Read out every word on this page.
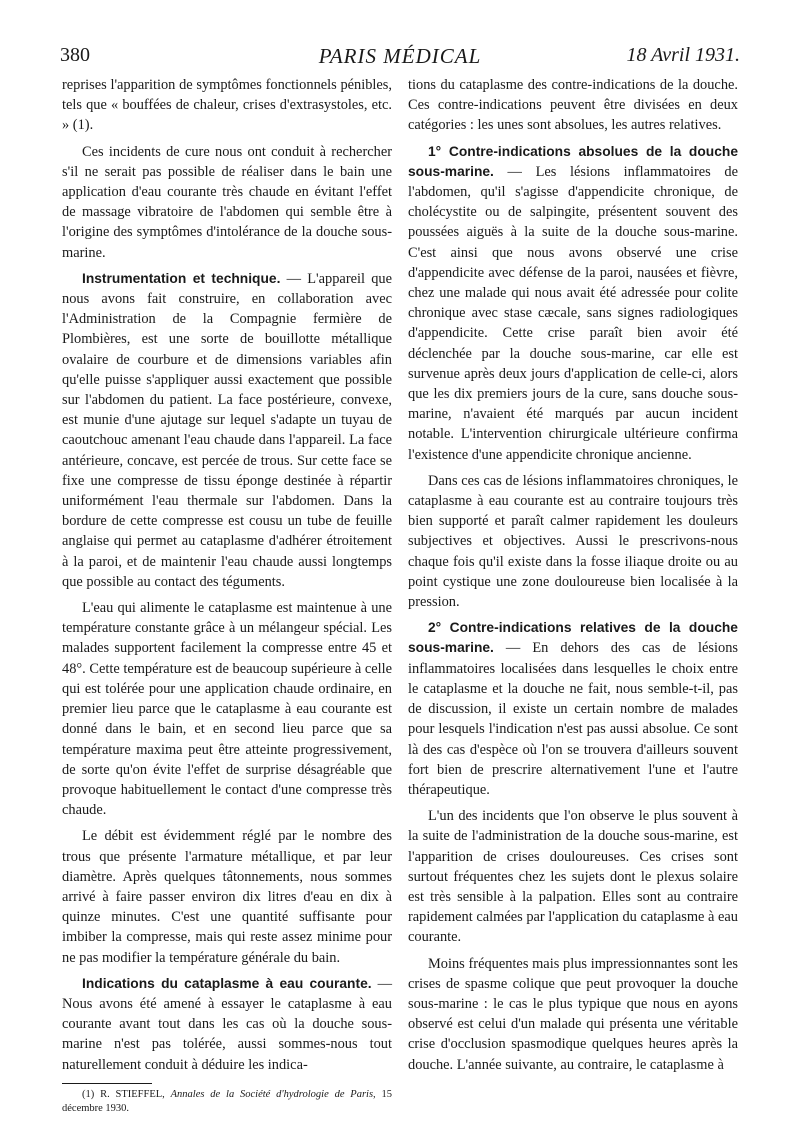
380	PARIS MÉDICAL	18 Avril 1931.

reprises l'apparition de symptômes fonctionnels pénibles, tels que « bouffées de chaleur, crises d'extrasystoles, etc. » (1).

Ces incidents de cure nous ont conduit à rechercher s'il ne serait pas possible de réaliser dans le bain une application d'eau courante très chaude en évitant l'effet de massage vibratoire de l'abdomen qui semble être à l'origine des symptômes d'intolérance de la douche sous-marine.

Instrumentation et technique. — L'appareil que nous avons fait construire, en collaboration avec l'Administration de la Compagnie fermière de Plombières, est une sorte de bouillotte métallique ovalaire de courbure et de dimensions variables afin qu'elle puisse s'appliquer aussi exactement que possible sur l'abdomen du patient. La face postérieure, convexe, est munie d'une ajutage sur lequel s'adapte un tuyau de caoutchouc amenant l'eau chaude dans l'appareil. La face antérieure, concave, est percée de trous. Sur cette face se fixe une compresse de tissu éponge destinée à répartir uniformément l'eau thermale sur l'abdomen. Dans la bordure de cette compresse est cousu un tube de feuille anglaise qui permet au cataplasme d'adhérer étroitement à la paroi, et de maintenir l'eau chaude aussi longtemps que possible au contact des téguments.

L'eau qui alimente le cataplasme est maintenue à une température constante grâce à un mélangeur spécial. Les malades supportent facilement la compresse entre 45 et 48°. Cette température est de beaucoup supérieure à celle qui est tolérée pour une application chaude ordinaire, en premier lieu parce que le cataplasme à eau courante est donné dans le bain, et en second lieu parce que sa température maxima peut être atteinte progressivement, de sorte qu'on évite l'effet de surprise désagréable que provoque habituellement le contact d'une compresse très chaude.

Le débit est évidemment réglé par le nombre des trous que présente l'armature métallique, et par leur diamètre. Après quelques tâtonnements, nous sommes arrivé à faire passer environ dix litres d'eau en dix à quinze minutes. C'est une quantité suffisante pour imbiber la compresse, mais qui reste assez minime pour ne pas modifier la température générale du bain.

Indications du cataplasme à eau courante. — Nous avons été amené à essayer le cataplasme à eau courante avant tout dans les cas où la douche sous-marine n'est pas tolérée, aussi sommes-nous tout naturellement conduit à déduire les indica-

(1) R. STIEFFEL, Annales de la Société d'hydrologie de Paris, 15 décembre 1930.

tions du cataplasme des contre-indications de la douche. Ces contre-indications peuvent être divisées en deux catégories : les unes sont absolues, les autres relatives.

1° Contre-indications absolues de la douche sous-marine. — Les lésions inflammatoires de l'abdomen, qu'il s'agisse d'appendicite chronique, de cholécystite ou de salpingite, présentent souvent des poussées aiguës à la suite de la douche sous-marine. C'est ainsi que nous avons observé une crise d'appendicite avec défense de la paroi, nausées et fièvre, chez une malade qui nous avait été adressée pour colite chronique avec stase cæcale, sans signes radiologiques d'appendicite. Cette crise paraît bien avoir été déclenchée par la douche sous-marine, car elle est survenue après deux jours d'application de celle-ci, alors que les dix premiers jours de la cure, sans douche sous-marine, n'avaient été marqués par aucun incident notable. L'intervention chirurgicale ultérieure confirma l'existence d'une appendicite chronique ancienne.

Dans ces cas de lésions inflammatoires chroniques, le cataplasme à eau courante est au contraire toujours très bien supporté et paraît calmer rapidement les douleurs subjectives et objectives. Aussi le prescrivons-nous chaque fois qu'il existe dans la fosse iliaque droite ou au point cystique une zone douloureuse bien localisée à la pression.

2° Contre-indications relatives de la douche sous-marine. — En dehors des cas de lésions inflammatoires localisées dans lesquelles le choix entre le cataplasme et la douche ne fait, nous semble-t-il, pas de discussion, il existe un certain nombre de malades pour lesquels l'indication n'est pas aussi absolue. Ce sont là des cas d'espèce où l'on se trouvera d'ailleurs souvent fort bien de prescrire alternativement l'une et l'autre thérapeutique.

L'un des incidents que l'on observe le plus souvent à la suite de l'administration de la douche sous-marine, est l'apparition de crises douloureuses. Ces crises sont surtout fréquentes chez les sujets dont le plexus solaire est très sensible à la palpation. Elles sont au contraire rapidement calmées par l'application du cataplasme à eau courante.

Moins fréquentes mais plus impressionnantes sont les crises de spasme colique que peut provoquer la douche sous-marine : le cas le plus typique que nous en ayons observé est celui d'un malade qui présenta une véritable crise d'occlusion spasmodique quelques heures après la douche. L'année suivante, au contraire, le cataplasme à
